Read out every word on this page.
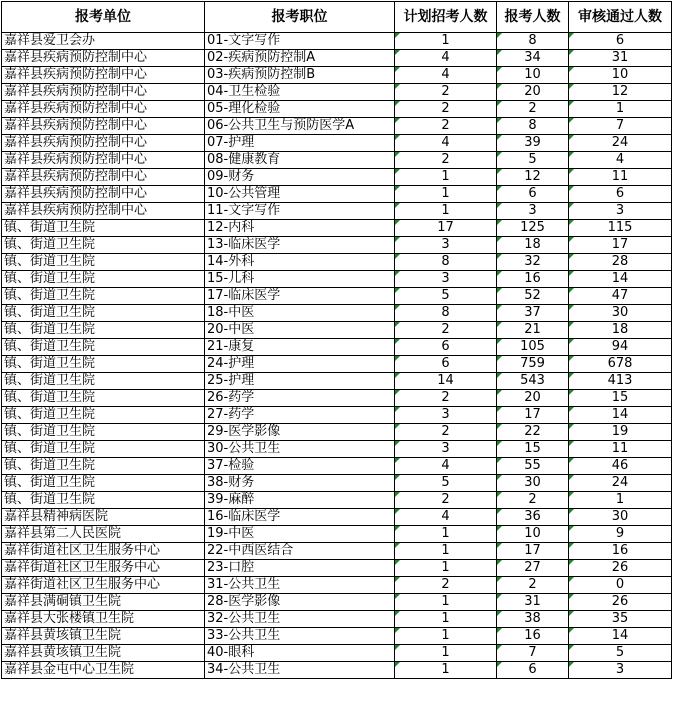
报考单位	报考职位	计划招考人数	报考人数	审核通过人数
嘉祥县爱卫会办	01-文字写作	1	8	6
嘉祥县疾病预防控制中心	02-疾病预防控制A	4	34	31
嘉祥县疾病预防控制中心	03-疾病预防控制B	4	10	10
嘉祥县疾病预防控制中心	04-卫生检验	2	20	12
嘉祥县疾病预防控制中心	05-理化检验	2	2	1
嘉祥县疾病预防控制中心	06-公共卫生与预防医学A	2	8	7
嘉祥县疾病预防控制中心	07-护理	4	39	24
嘉祥县疾病预防控制中心	08-健康教育	2	5	4
嘉祥县疾病预防控制中心	09-财务	1	12	11
嘉祥县疾病预防控制中心	10-公共管理	1	6	6
嘉祥县疾病预防控制中心	11-文字写作	1	3	3
镇、街道卫生院	12-内科	17	125	115
镇、街道卫生院	13-临床医学	3	18	17
镇、街道卫生院	14-外科	8	32	28
镇、街道卫生院	15-儿科	3	16	14
镇、街道卫生院	17-临床医学	5	52	47
镇、街道卫生院	18-中医	8	37	30
镇、街道卫生院	20-中医	2	21	18
镇、街道卫生院	21-康复	6	105	94
镇、街道卫生院	24-护理	6	759	678
镇、街道卫生院	25-护理	14	543	413
镇、街道卫生院	26-药学	2	20	15
镇、街道卫生院	27-药学	3	17	14
镇、街道卫生院	29-医学影像	2	22	19
镇、街道卫生院	30-公共卫生	3	15	11
镇、街道卫生院	37-检验	4	55	46
镇、街道卫生院	38-财务	5	30	24
镇、街道卫生院	39-麻醉	2	2	1
嘉祥县精神病医院	16-临床医学	4	36	30
嘉祥县第二人民医院	19-中医	1	10	9
嘉祥街道社区卫生服务中心	22-中西医结合	1	17	16
嘉祥街道社区卫生服务中心	23-口腔	1	27	26
嘉祥街道社区卫生服务中心	31-公共卫生	2	2	0
嘉祥县满硐镇卫生院	28-医学影像	1	31	26
嘉祥县大张楼镇卫生院	32-公共卫生	1	38	35
嘉祥县黄垓镇卫生院	33-公共卫生	1	16	14
嘉祥县黄垓镇卫生院	40-眼科	1	7	5
嘉祥县金屯中心卫生院	34-公共卫生	1	6	3
